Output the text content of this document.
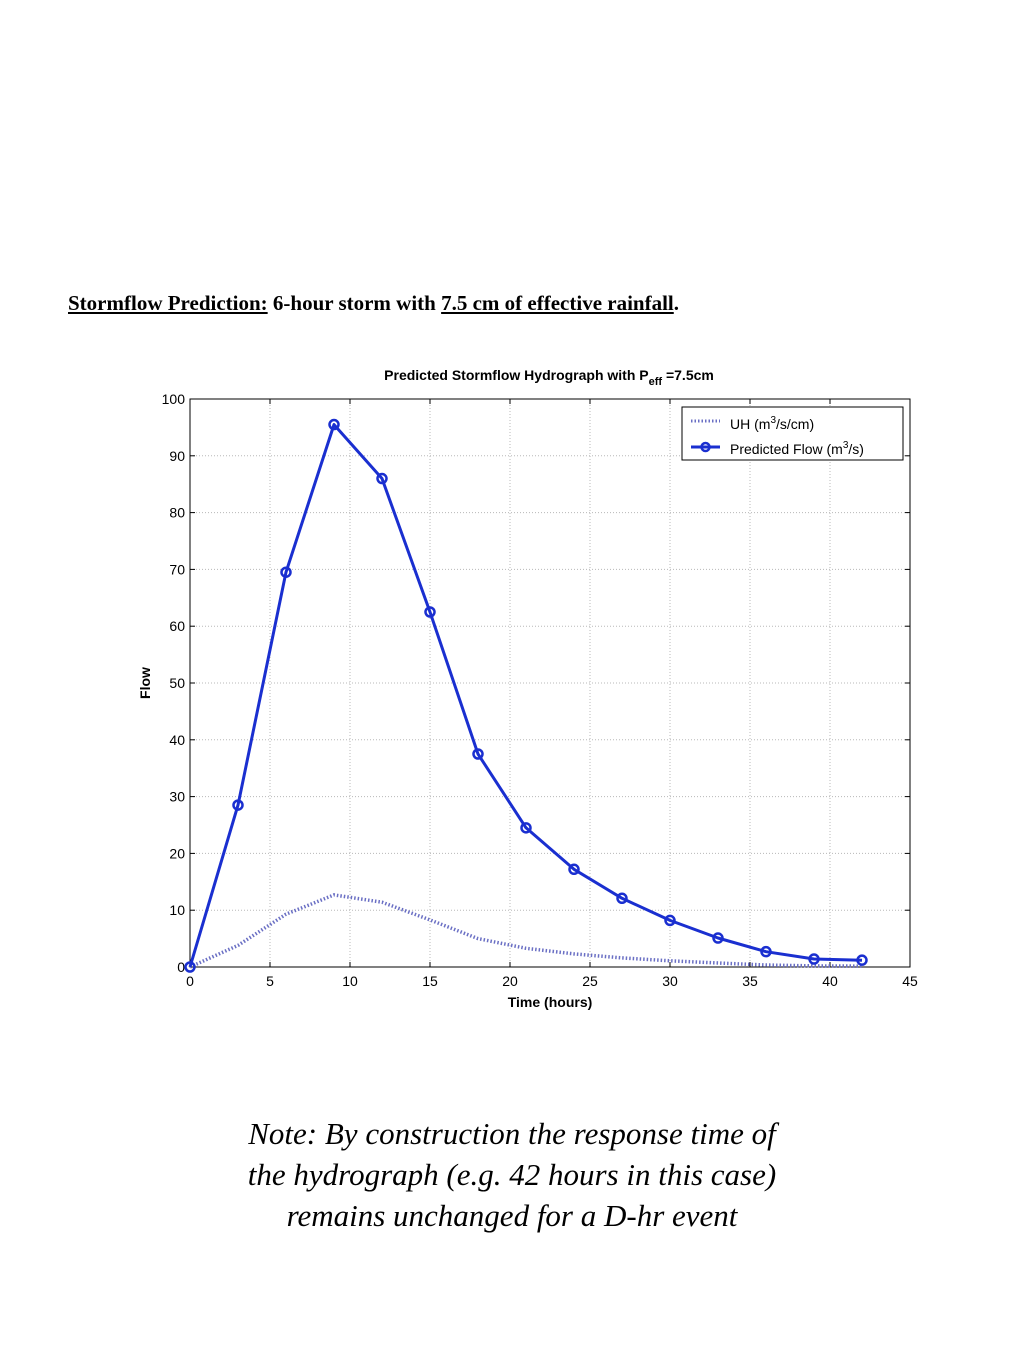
Stormflow Prediction: 6-hour storm with 7.5 cm of effective rainfall.
Predicted Stormflow Hydrograph with $P_{eff} =7.5cm$
0	5	10	15	20	25	30	35	40	45
0
10
20
30
40
50
60
70
80
90
100
Time (hours)
Flow
UH $(m^3/s/cm)$
Predicted Flow $(m^3/s)$
Note: By construction the response time of
the hydrograph (e.g. 42 hours in this case)
remains unchanged for a D-hr event
